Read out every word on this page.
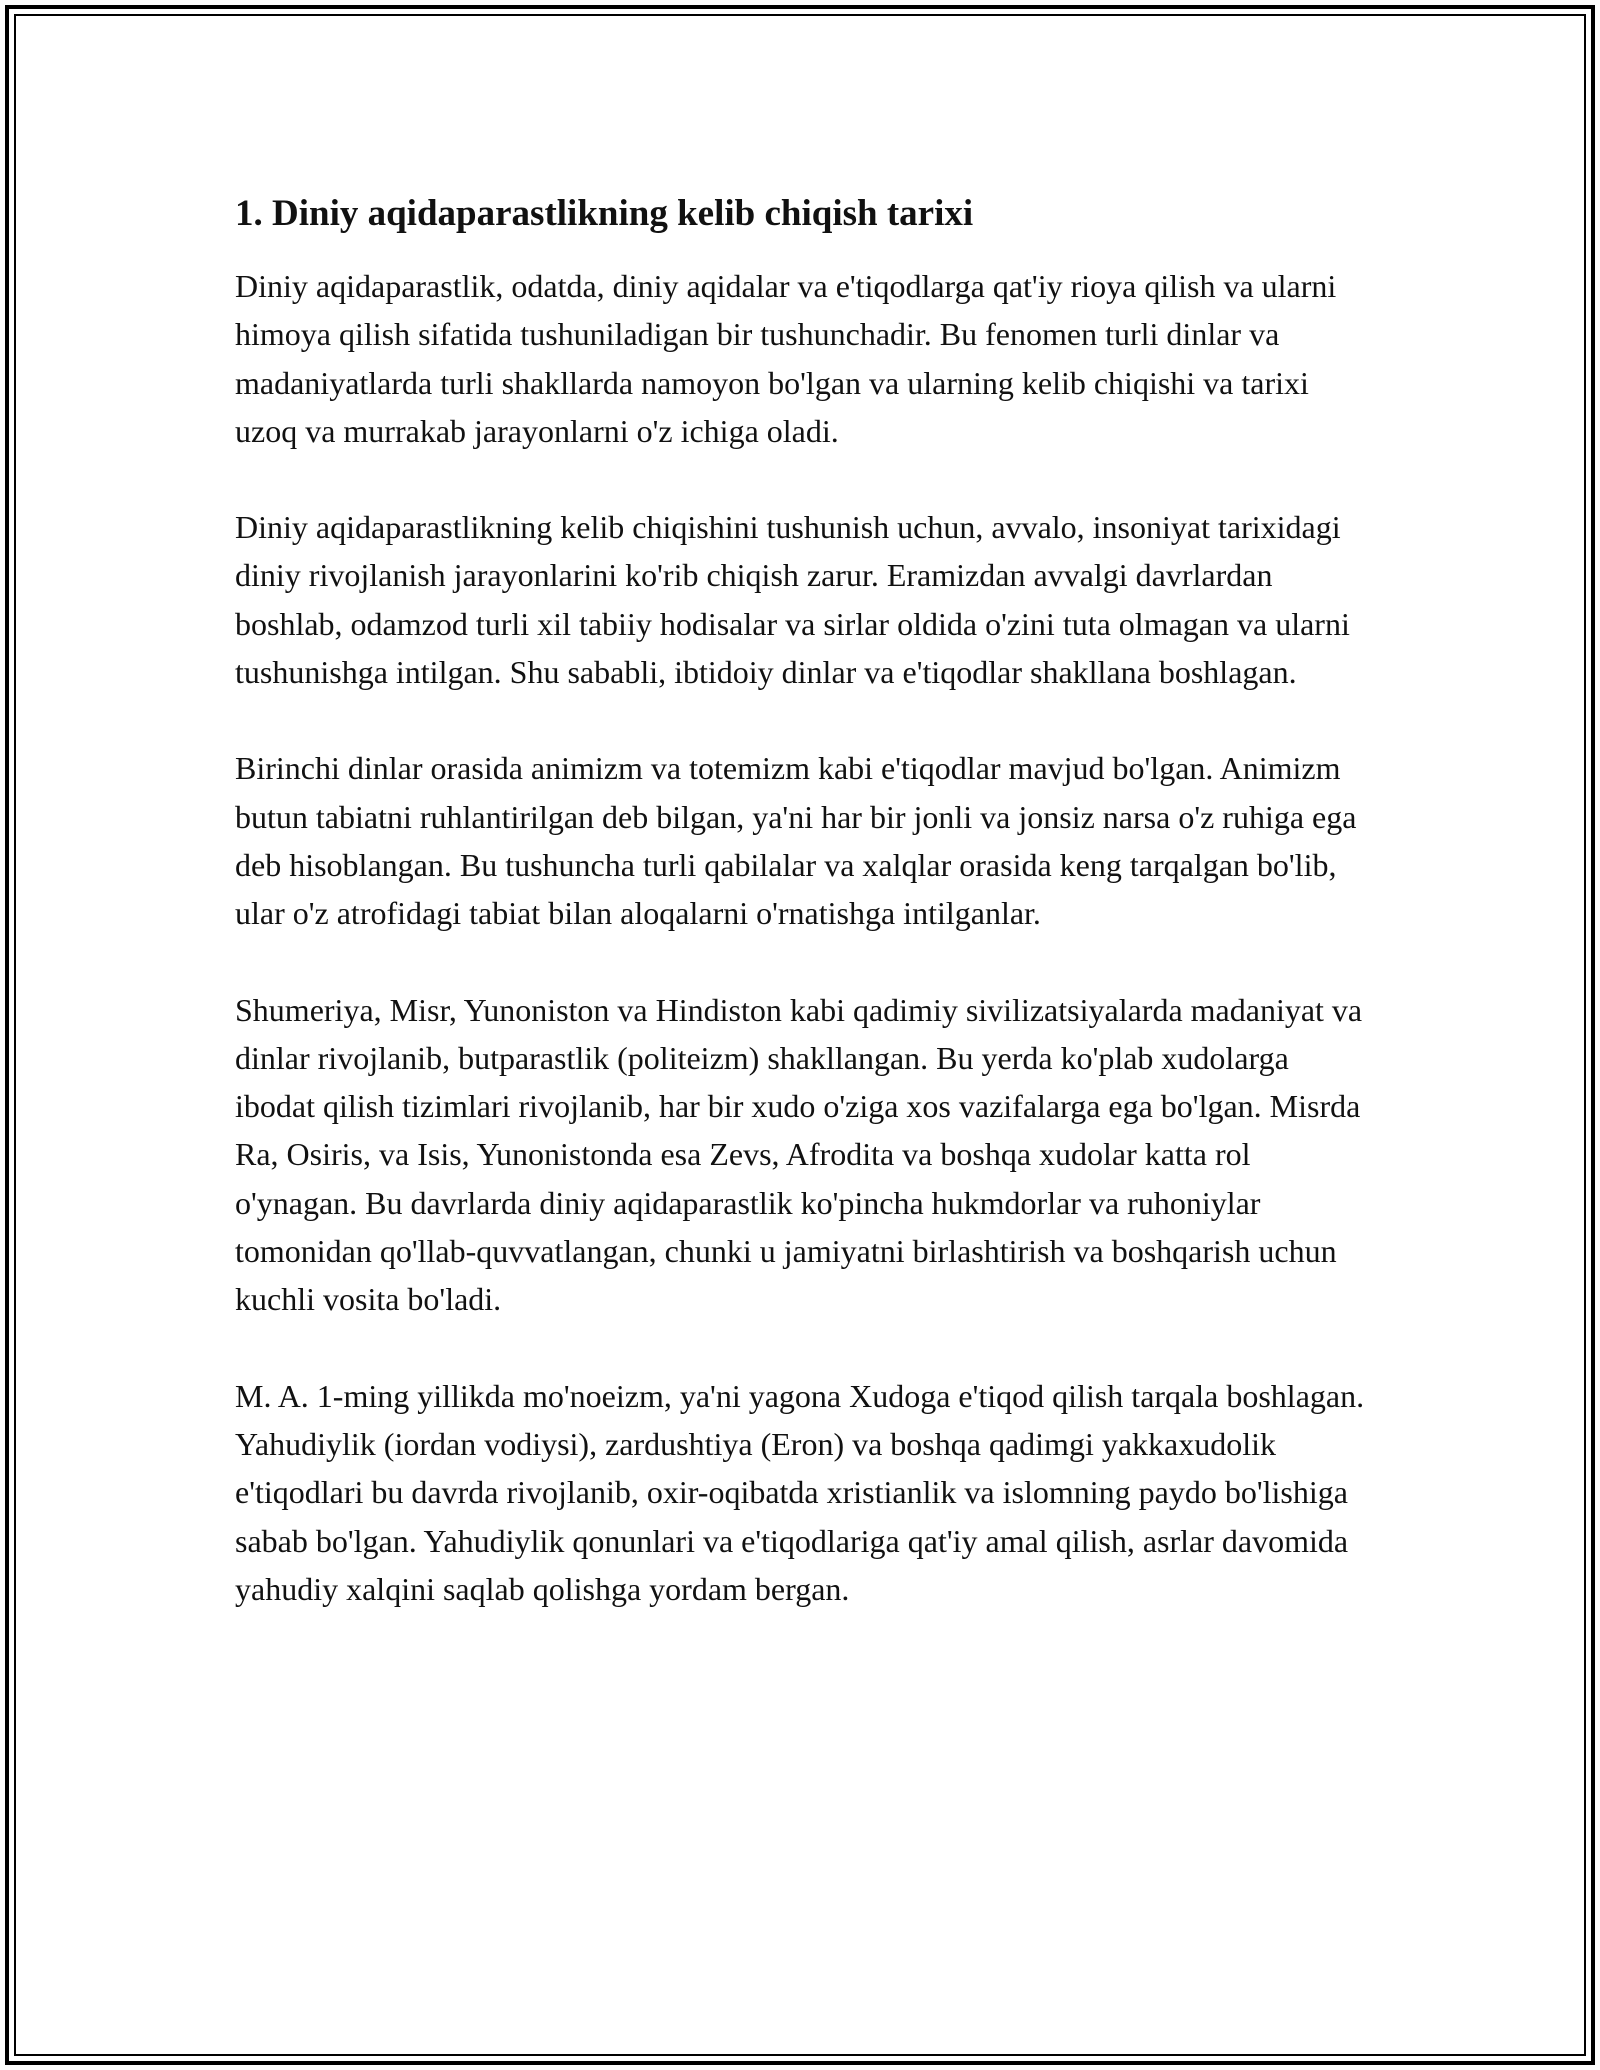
1. Diniy aqidaparastlikning kelib chiqish tarixi

Diniy aqidaparastlik, odatda, diniy aqidalar va e'tiqodlarga qat'iy rioya qilish va ularni himoya qilish sifatida tushuniladigan bir tushunchadir. Bu fenomen turli dinlar va madaniyatlarda turli shakllarda namoyon bo'lgan va ularning kelib chiqishi va tarixi uzoq va murrakab jarayonlarni o'z ichiga oladi.

Diniy aqidaparastlikning kelib chiqishini tushunish uchun, avvalo, insoniyat tarixidagi diniy rivojlanish jarayonlarini ko'rib chiqish zarur. Eramizdan avvalgi davrlardan boshlab, odamzod turli xil tabiiy hodisalar va sirlar oldida o'zini tuta olmagan va ularni tushunishga intilgan. Shu sababli, ibtidoiy dinlar va e'tiqodlar shakllana boshlagan.

Birinchi dinlar orasida animizm va totemizm kabi e'tiqodlar mavjud bo'lgan. Animizm butun tabiatni ruhlantirilgan deb bilgan, ya'ni har bir jonli va jonsiz narsa o'z ruhiga ega deb hisoblangan. Bu tushuncha turli qabilalar va xalqlar orasida keng tarqalgan bo'lib, ular o'z atrofidagi tabiat bilan aloqalarni o'rnatishga intilganlar.

Shumeriya, Misr, Yunoniston va Hindiston kabi qadimiy sivilizatsiyalarda madaniyat va dinlar rivojlanib, butparastlik (politeizm) shakllangan. Bu yerda ko'plab xudolarga ibodat qilish tizimlari rivojlanib, har bir xudo o'ziga xos vazifalarga ega bo'lgan. Misrda Ra, Osiris, va Isis, Yunonistonda esa Zevs, Afrodita va boshqa xudolar katta rol o'ynagan. Bu davrlarda diniy aqidaparastlik ko'pincha hukmdorlar va ruhoniylar tomonidan qo'llab-quvvatlangan, chunki u jamiyatni birlashtirish va boshqarish uchun kuchli vosita bo'ladi.

M. A. 1-ming yillikda mo'noeizm, ya'ni yagona Xudoga e'tiqod qilish tarqala boshlagan. Yahudiylik (iordan vodiysi), zardushtiya (Eron) va boshqa qadimgi yakkaxudolik e'tiqodlari bu davrda rivojlanib, oxir-oqibatda xristianlik va islomning paydo bo'lishiga sabab bo'lgan. Yahudiylik qonunlari va e'tiqodlariga qat'iy amal qilish, asrlar davomida yahudiy xalqini saqlab qolishga yordam bergan.
